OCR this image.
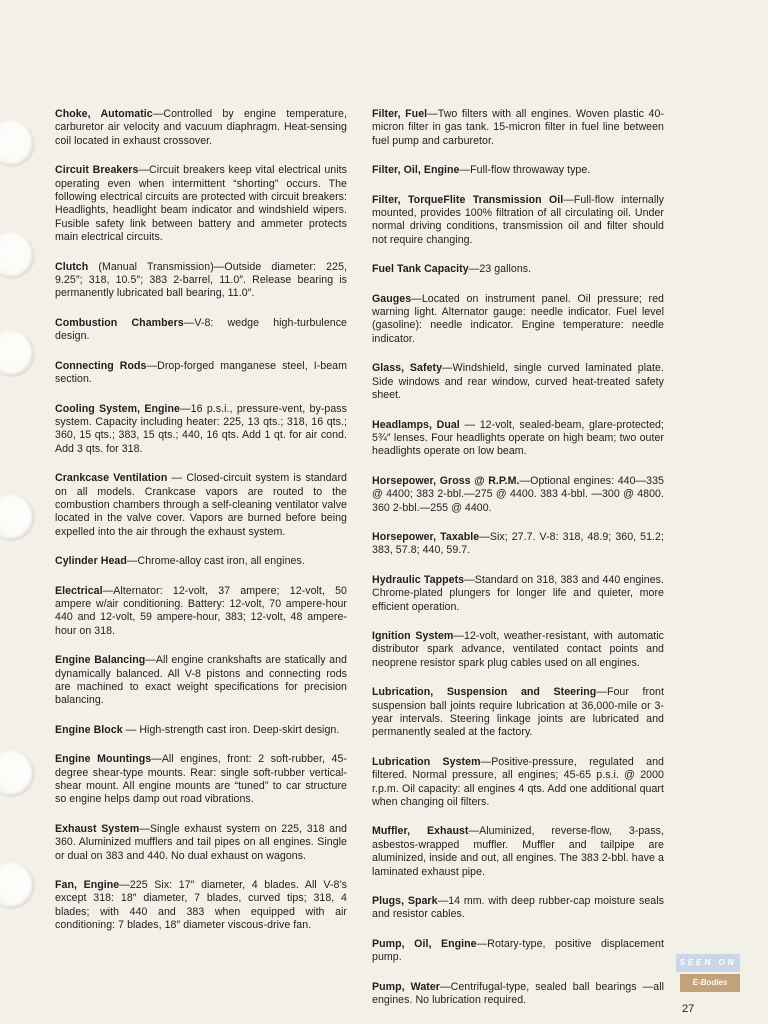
Choke, Automatic—Controlled by engine temperature, carburetor air velocity and vacuum diaphragm. Heat-sensing coil located in exhaust crossover.

Circuit Breakers—Circuit breakers keep vital electrical units operating even when intermittent “shorting” occurs. The following electrical circuits are protected with circuit breakers: Headlights, headlight beam indicator and windshield wipers. Fusible safety link between battery and ammeter protects main electrical circuits.

Clutch (Manual Transmission)—Outside diameter: 225, 9.25″; 318, 10.5″; 383 2-barrel, 11.0″. Release bearing is permanently lubricated ball bearing, 11.0″.

Combustion Chambers—V-8: wedge high-turbulence design.

Connecting Rods—Drop-forged manganese steel, I-beam section.

Cooling System, Engine—16 p.s.i., pressure-vent, by-pass system. Capacity including heater: 225, 13 qts.; 318, 16 qts.; 360, 15 qts.; 383, 15 qts.; 440, 16 qts. Add 1 qt. for air cond. Add 3 qts. for 318.

Crankcase Ventilation — Closed-circuit system is standard on all models. Crankcase vapors are routed to the combustion chambers through a self-cleaning ventilator valve located in the valve cover. Vapors are burned before being expelled into the air through the exhaust system.

Cylinder Head—Chrome-alloy cast iron, all engines.

Electrical—Alternator: 12-volt, 37 ampere; 12-volt, 50 ampere w/air conditioning. Battery: 12-volt, 70 ampere-hour 440 and 12-volt, 59 ampere-hour, 383; 12-volt, 48 ampere-hour on 318.

Engine Balancing—All engine crankshafts are statically and dynamically balanced. All V-8 pistons and connecting rods are machined to exact weight specifications for precision balancing.

Engine Block — High-strength cast iron. Deep-skirt design.

Engine Mountings—All engines, front: 2 soft-rubber, 45-degree shear-type mounts. Rear: single soft-rubber vertical-shear mount. All engine mounts are “tuned” to car structure so engine helps damp out road vibrations.

Exhaust System—Single exhaust system on 225, 318 and 360. Aluminized mufflers and tail pipes on all engines. Single or dual on 383 and 440. No dual exhaust on wagons.

Fan, Engine—225 Six: 17″ diameter, 4 blades. All V-8’s except 318: 18″ diameter, 7 blades, curved tips; 318, 4 blades; with 440 and 383 when equipped with air conditioning: 7 blades, 18″ diameter viscous-drive fan.

Filter, Fuel—Two filters with all engines. Woven plastic 40-micron filter in gas tank. 15-micron filter in fuel line between fuel pump and carburetor.

Filter, Oil, Engine—Full-flow throwaway type.

Filter, TorqueFlite Transmission Oil—Full-flow internally mounted, provides 100% filtration of all circulating oil. Under normal driving conditions, transmission oil and filter should not require changing.

Fuel Tank Capacity—23 gallons.

Gauges—Located on instrument panel. Oil pressure; red warning light. Alternator gauge: needle indicator. Fuel level (gasoline): needle indicator. Engine temperature: needle indicator.

Glass, Safety—Windshield, single curved laminated plate. Side windows and rear window, curved heat-treated safety sheet.

Headlamps, Dual — 12-volt, sealed-beam, glare-protected; 5¾″ lenses. Four headlights operate on high beam; two outer headlights operate on low beam.

Horsepower, Gross @ R.P.M.—Optional engines: 440—335 @ 4400; 383 2-bbl.—275 @ 4400. 383 4-bbl. —300 @ 4800. 360 2-bbl.—255 @ 4400.

Horsepower, Taxable—Six; 27.7. V-8: 318, 48.9; 360, 51.2; 383, 57.8; 440, 59.7.

Hydraulic Tappets—Standard on 318, 383 and 440 engines. Chrome-plated plungers for longer life and quieter, more efficient operation.

Ignition System—12-volt, weather-resistant, with automatic distributor spark advance, ventilated contact points and neoprene resistor spark plug cables used on all engines.

Lubrication, Suspension and Steering—Four front suspension ball joints require lubrication at 36,000-mile or 3-year intervals. Steering linkage joints are lubricated and permanently sealed at the factory.

Lubrication System—Positive-pressure, regulated and filtered. Normal pressure, all engines; 45-65 p.s.i. @ 2000 r.p.m. Oil capacity: all engines 4 qts. Add one additional quart when changing oil filters.

Muffler, Exhaust—Aluminized, reverse-flow, 3-pass, asbestos-wrapped muffler. Muffler and tailpipe are aluminized, inside and out, all engines. The 383 2-bbl. have a laminated exhaust pipe.

Plugs, Spark—14 mm. with deep rubber-cap moisture seals and resistor cables.

Pump, Oil, Engine—Rotary-type, positive displacement pump.

Pump, Water—Centrifugal-type, sealed ball bearings —all engines. No lubrication required.

SEEN ON
E-Bodies
27
